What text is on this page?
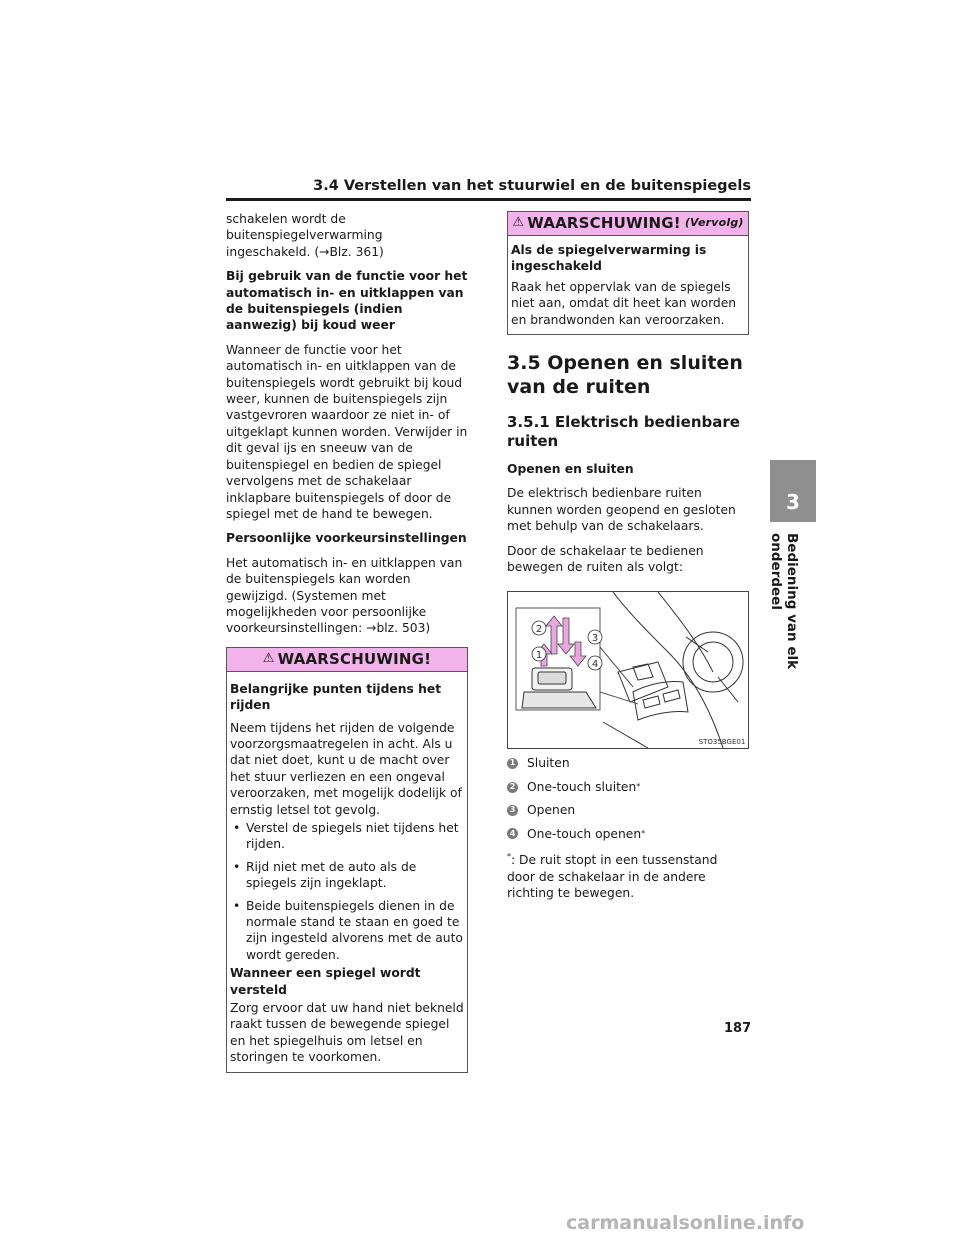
3.4 Verstellen van het stuurwiel en de buitenspiegels

schakelen wordt de buitenspiegelverwarming ingeschakeld. (→Blz. 361)

Bij gebruik van de functie voor het automatisch in- en uitklappen van de buitenspiegels (indien aanwezig) bij koud weer

Wanneer de functie voor het automatisch in- en uitklappen van de buitenspiegels wordt gebruikt bij koud weer, kunnen de buitenspiegels zijn vastgevroren waardoor ze niet in- of uitgeklapt kunnen worden. Verwijder in dit geval ijs en sneeuw van de buitenspiegel en bedien de spiegel vervolgens met de schakelaar inklapbare buitenspiegels of door de spiegel met de hand te bewegen.

Persoonlijke voorkeursinstellingen

Het automatisch in- en uitklappen van de buitenspiegels kan worden gewijzigd. (Systemen met mogelijkheden voor persoonlijke voorkeursinstellingen: →blz. 503)

⚠ WAARSCHUWING!

Belangrijke punten tijdens het rijden

Neem tijdens het rijden de volgende voorzorgsmaatregelen in acht. Als u dat niet doet, kunt u de macht over het stuur verliezen en een ongeval veroorzaken, met mogelijk dodelijk of ernstig letsel tot gevolg.

• Verstel de spiegels niet tijdens het rijden.
• Rijd niet met de auto als de spiegels zijn ingeklapt.
• Beide buitenspiegels dienen in de normale stand te staan en goed te zijn ingesteld alvorens met de auto wordt gereden.

Wanneer een spiegel wordt versteld

Zorg ervoor dat uw hand niet bekneld raakt tussen de bewegende spiegel en het spiegelhuis om letsel en storingen te voorkomen.

⚠ WAARSCHUWING! (Vervolg)

Als de spiegelverwarming is ingeschakeld

Raak het oppervlak van de spiegels niet aan, omdat dit heet kan worden en brandwonden kan veroorzaken.

3.5 Openen en sluiten van de ruiten
3.5.1 Elektrisch bedienbare ruiten

Openen en sluiten

De elektrisch bedienbare ruiten kunnen worden geopend en gesloten met behulp van de schakelaars.

Door de schakelaar te bedienen bewegen de ruiten als volgt:

1
2
3
4
STO35BGE01
1 Sluiten
2 One-touch sluiten *
3 Openen
4 One-touch openen *

*: De ruit stopt in een tussenstand door de schakelaar in de andere richting te bewegen.

3
Bediening van elk onderdeel
187
carmanualsonline.info
